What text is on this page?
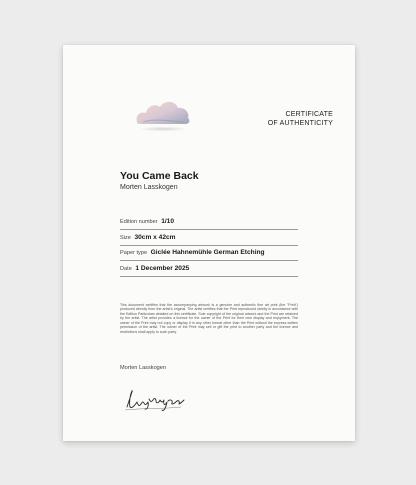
CERTIFICATE
OF AUTHENTICITY
You Came Back
Morten Lasskogen
Edition number 1/10
Size 30cm x 42cm
Paper type Giclée Hahnemühle German Etching
Date 1 December 2025
This document certifies that the accompanying artwork is a genuine and authentic fine art print (the "Print") produced directly from the artist's original. The artist certifies that the Print reproduced strictly in accordance with the Edition Particulars detailed on this certificate. Sole copyright of the original artwork and the Print are retained by the artist. The artist provides a licence for the owner of the Print for their own display and enjoyment. The owner of the Print may not copy or display it in any other format other than the Print without the express written permission of the artist. The owner of the Print may sell or gift the print to another party and the licence and restrictions shall apply to such party.
Morten Lasskogen
